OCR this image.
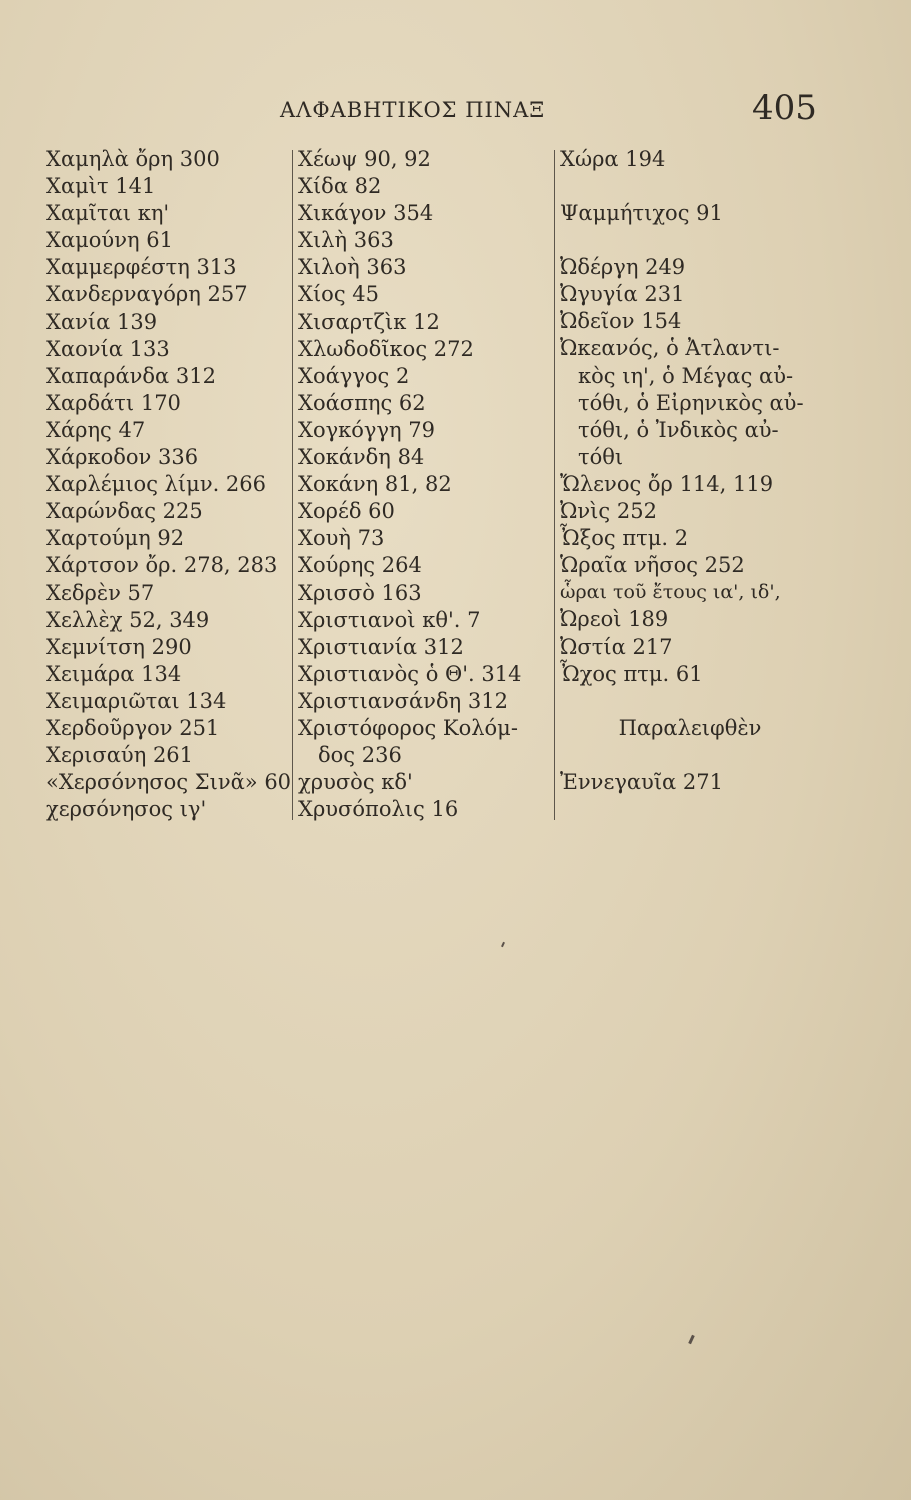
ΑΛΦΑΒΗΤΙΚΟΣ ΠΙΝΑΞ	405
Χαμηλὰ ὄρη 300
Χαμὶτ 141
Χαμῖται κη'
Χαμούνη 61
Χαμμερφέστη 313
Χανδερναγόρη 257
Χανία 139
Χαονία 133
Χαπαράνδα 312
Χαρδάτι 170
Χάρης 47
Χάρκοδον 336
Χαρλέμιος λίμν. 266
Χαρώνδας 225
Χαρτούμη 92
Χάρτσον ὄρ. 278, 283
Χεδρὲν 57
Χελλὲχ 52, 349
Χεμνίτση 290
Χειμάρα 134
Χειμαριῶται 134
Χερδοῦργον 251
Χερισαύη 261
«Χερσόνησος Σινᾶ» 60
χερσόνησος ιγ'
Χέωψ 90, 92
Χίδα 82
Χικάγον 354
Χιλὴ 363
Χιλοὴ 363
Χίος 45
Χισαρτζὶκ 12
Χλωδοδῖκος 272
Χοάγγος 2
Χοάσπης 62
Χογκόγγη 79
Χοκάνδη 84
Χοκάνη 81, 82
Χορέδ 60
Χουὴ 73
Χούρης 264
Χρισσὸ 163
Χριστιανοὶ κθ'. 7
Χριστιανία 312
Χριστιανὸς ὁ Θ'. 314
Χριστιανσάνδη 312
Χριστόφορος Κολόμ-
δος 236
χρυσὸς κδ'
Χρυσόπολις 16
Χώρα 194
Ψαμμήτιχος 91
Ὠδέργη 249
Ὠγυγία 231
Ὠδεῖον 154
Ὠκεανός, ὁ Ἀτλαντι-
κὸς ιη', ὁ Μέγας αὐ-
τόθι, ὁ Εἰρηνικὸς αὐ-
τόθι, ὁ Ἰνδικὸς αὐ-
τόθι
Ὤλενος ὄρ 114, 119
Ὠνὶς 252
Ὦξος πτμ. 2
Ὡραῖα νῆσος 252
ὧραι τοῦ ἔτους ια', ιδ',
Ὠρεοὶ 189
Ὠστία 217
Ὦχος πτμ. 61
Παραλειφθὲν
Ἐννεγαυῖα 271
